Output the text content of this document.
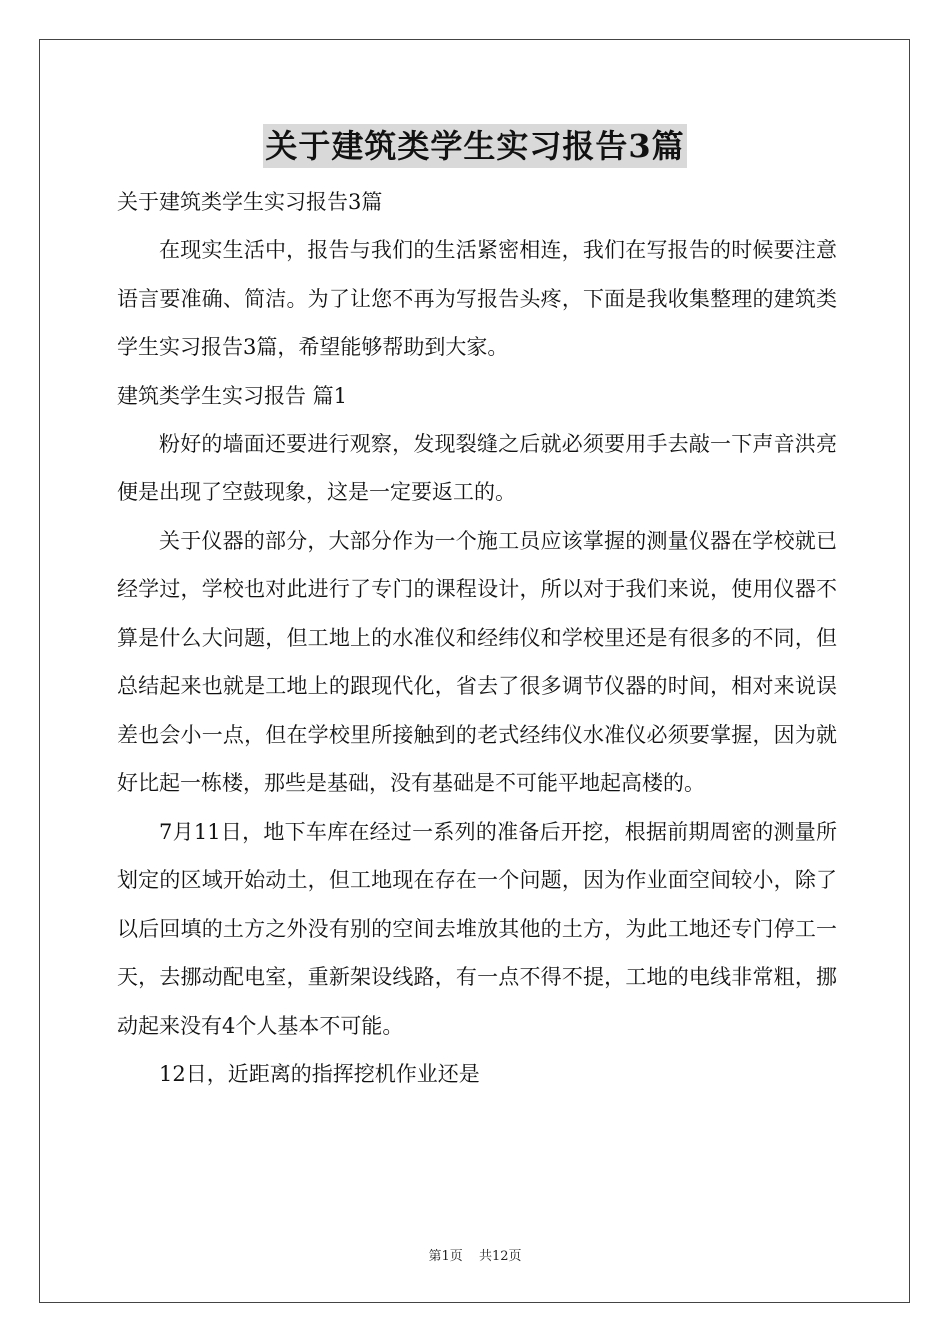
关于建筑类学生实习报告3篇

关于建筑类学生实习报告3篇

在现实生活中，报告与我们的生活紧密相连，我们在写报告的时候要注意语言要准确、简洁。为了让您不再为写报告头疼，下面是我收集整理的建筑类学生实习报告3篇，希望能够帮助到大家。

建筑类学生实习报告 篇1

粉好的墙面还要进行观察，发现裂缝之后就必须要用手去敲一下声音洪亮便是出现了空鼓现象，这是一定要返工的。

关于仪器的部分，大部分作为一个施工员应该掌握的测量仪器在学校就已经学过，学校也对此进行了专门的课程设计，所以对于我们来说，使用仪器不算是什么大问题，但工地上的水准仪和经纬仪和学校里还是有很多的不同，但总结起来也就是工地上的跟现代化，省去了很多调节仪器的时间，相对来说误差也会小一点，但在学校里所接触到的老式经纬仪水准仪必须要掌握，因为就好比起一栋楼，那些是基础，没有基础是不可能平地起高楼的。

7月11日，地下车库在经过一系列的准备后开挖，根据前期周密的测量所划定的区域开始动土，但工地现在存在一个问题，因为作业面空间较小，除了以后回填的土方之外没有别的空间去堆放其他的土方，为此工地还专门停工一天，去挪动配电室，重新架设线路，有一点不得不提，工地的电线非常粗，挪动起来没有4个人基本不可能。

12日，近距离的指挥挖机作业还是

第1页 共12页
